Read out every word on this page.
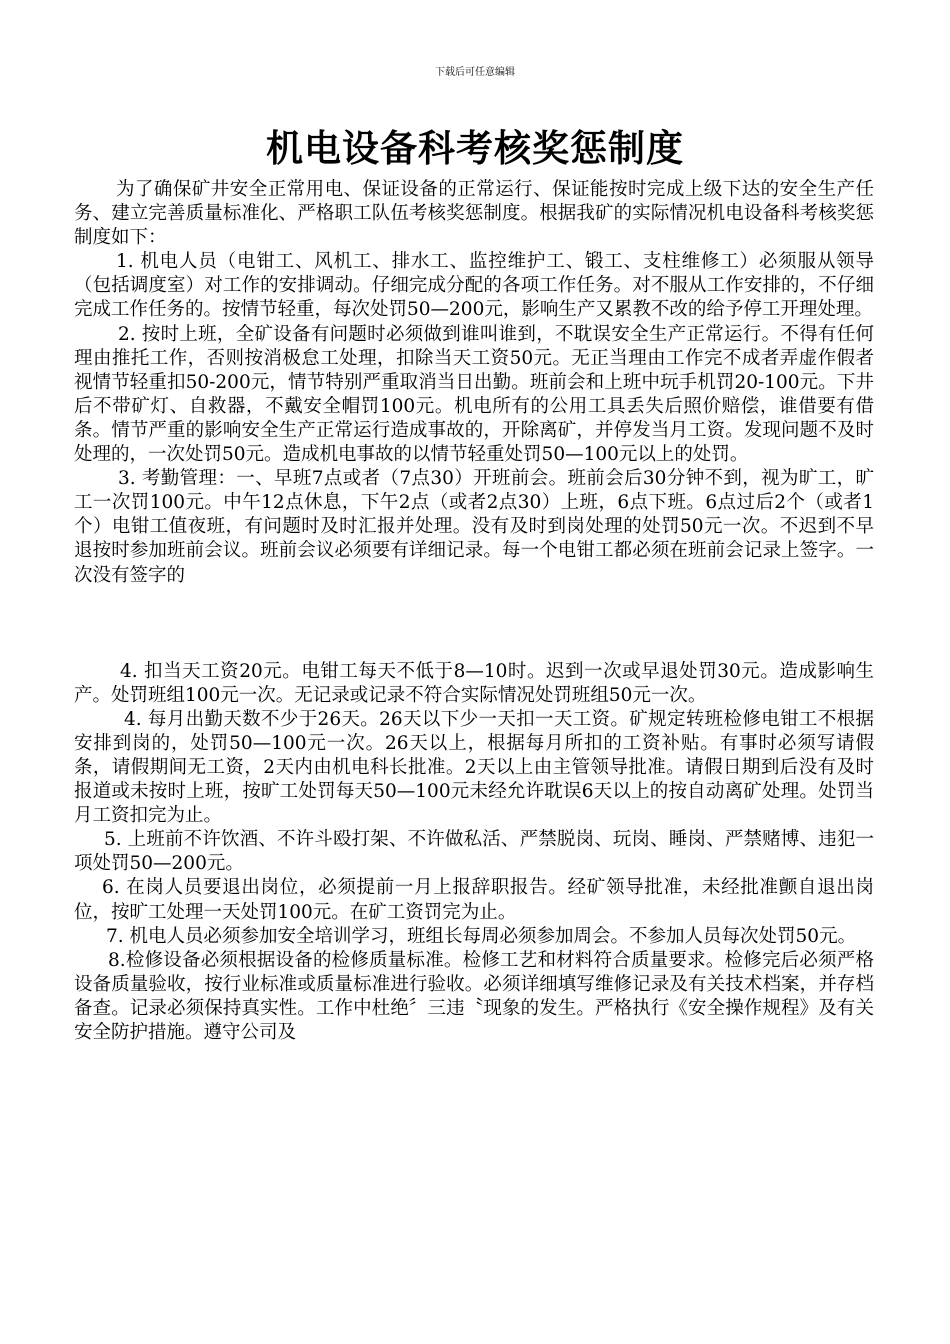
下载后可任意编辑
机电设备科考核奖惩制度

为了确保矿井安全正常用电、保证设备的正常运行、保证能按时完成上级下达的安全生产任务、建立完善质量标准化、严格职工队伍考核奖惩制度。根据我矿的实际情况机电设备科考核奖惩制度如下：

1. 机电人员（电钳工、风机工、排水工、监控维护工、锻工、支柱维修工）必须服从领导（包括调度室）对工作的安排调动。仔细完成分配的各项工作任务。对不服从工作安排的，不仔细完成工作任务的。按情节轻重，每次处罚50—200元，影响生产又累教不改的给予停工开理处理。

2. 按时上班，全矿设备有问题时必须做到谁叫谁到，不耽误安全生产正常运行。不得有任何理由推托工作，否则按消极怠工处理，扣除当天工资50元。无正当理由工作完不成者弄虚作假者视情节轻重扣50-200元，情节特别严重取消当日出勤。班前会和上班中玩手机罚20-100元。下井后不带矿灯、自救器，不戴安全帽罚100元。机电所有的公用工具丢失后照价赔偿，谁借要有借条。情节严重的影响安全生产正常运行造成事故的，开除离矿，并停发当月工资。发现问题不及时处理的，一次处罚50元。造成机电事故的以情节轻重处罚50—100元以上的处罚。

3. 考勤管理：一、早班7点或者（7点30）开班前会。班前会后30分钟不到，视为旷工，旷工一次罚100元。中午12点休息，下午2点（或者2点30）上班，6点下班。6点过后2个（或者1个）电钳工值夜班，有问题时及时汇报并处理。没有及时到岗处理的处罚50元一次。不迟到不早退按时参加班前会议。班前会议必须要有详细记录。每一个电钳工都必须在班前会记录上签字。一次没有签字的

4. 扣当天工资20元。电钳工每天不低于8—10时。迟到一次或早退处罚30元。造成影响生产。处罚班组100元一次。无记录或记录不符合实际情况处罚班组50元一次。

4. 每月出勤天数不少于26天。26天以下少一天扣一天工资。矿规定转班检修电钳工不根据安排到岗的，处罚50—100元一次。26天以上，根据每月所扣的工资补贴。有事时必须写请假条，请假期间无工资，2天内由机电科长批准。2天以上由主管领导批准。请假日期到后没有及时报道或未按时上班，按旷工处罚每天50—100元未经允许耽误6天以上的按自动离矿处理。处罚当月工资扣完为止。

5. 上班前不许饮酒、不许斗殴打架、不许做私活、严禁脱岗、玩岗、睡岗、严禁赌博、违犯一项处罚50—200元。

6. 在岗人员要退出岗位，必须提前一月上报辞职报告。经矿领导批准，未经批准颤自退出岗位，按旷工处理一天处罚100元。在矿工资罚完为止。

7. 机电人员必须参加安全培训学习，班组长每周必须参加周会。不参加人员每次处罚50元。

8.检修设备必须根据设备的检修质量标准。检修工艺和材料符合质量要求。检修完后必须严格设备质量验收，按行业标准或质量标准进行验收。必须详细填写维修记录及有关技术档案，并存档备查。记录必须保持真实性。工作中杜绝〞三违〝现象的发生。严格执行《安全操作规程》及有关安全防护措施。遵守公司及
